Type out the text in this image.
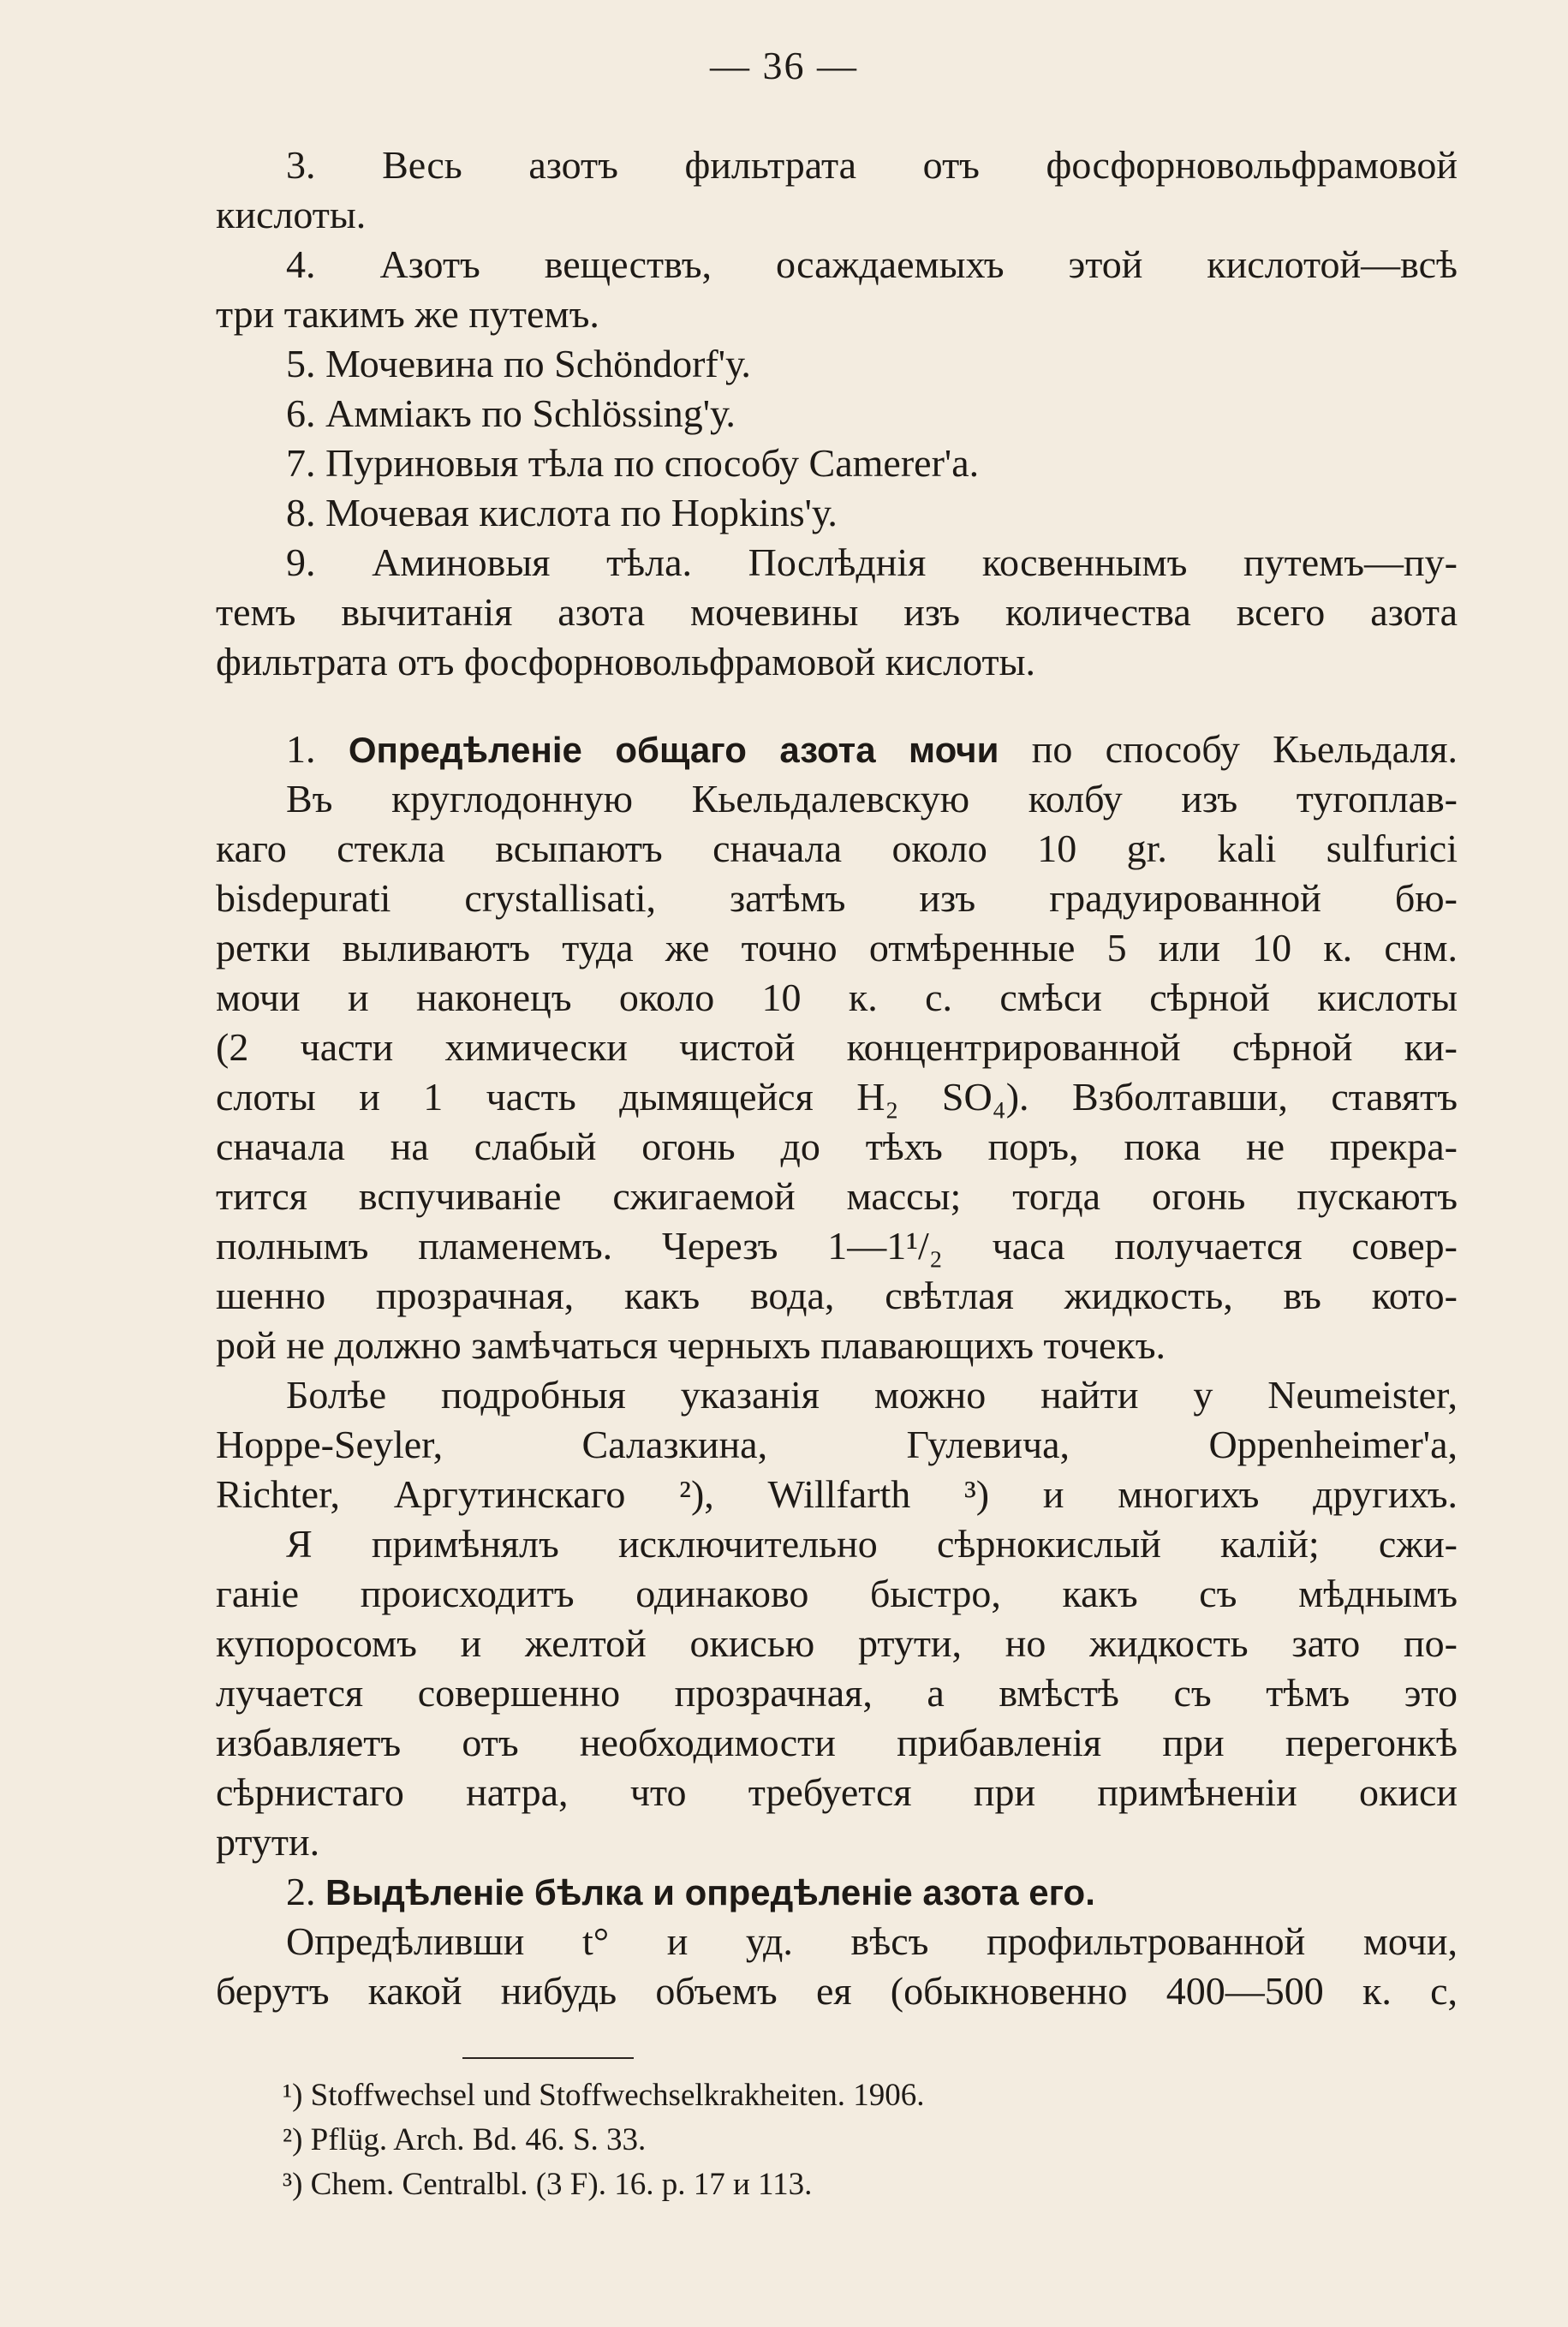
— 36 —
3. Весь азотъ фильтрата отъ фосфорновольфрамовой
кислоты.
4. Азотъ веществъ, осаждаемыхъ этой кислотой—всѣ
три такимъ же путемъ.
5. Мочевина по Schöndorf'у.
6. Аммiакъ по Schlössing'у.
7. Пуриновыя тѣла по способу Camerer'a.
8. Мочевая кислота по Hopkins'у.
9. Аминовыя тѣла. Послѣднiя косвеннымъ путемъ—пу-
темъ вычитанiя азота мочевины изъ количества всего азота
фильтрата отъ фосфорновольфрамовой кислоты.
1. Опредѣленiе общаго азота мочи по способу Кьельдаля.
Въ круглодонную Кьельдалевскую колбу изъ тугоплав-
каго стекла всыпаютъ сначала около 10 gr. kali sulfurici
bisdepurati crystallisati, затѣмъ изъ градуированной бю-
ретки выливаютъ туда же точно отмѣренные 5 или 10 к. снм.
мочи и наконецъ около 10 к. с. смѣси сѣрной кислоты
(2 части химически чистой концентрированной сѣрной ки-
слоты и 1 часть дымящейся H₂ SO₄). Взболтавши, ставятъ
сначала на слабый огонь до тѣхъ поръ, пока не прекра-
тится вспучиванiе сжигаемой массы; тогда огонь пускаютъ
полнымъ пламенемъ. Черезъ 1—1¹/₂ часа получается совер-
шенно прозрачная, какъ вода, свѣтлая жидкость, въ кото-
рой не должно замѣчаться черныхъ плавающихъ точекъ.
Болѣе подробныя указанiя можно найти у Neumeister,
Hoppe-Seyler, Салазкина, Гулевича, Oppenheimer'a,
Richter, Аргутинскаго ²), Willfarth ³) и многихъ другихъ.
Я примѣнялъ исключительно сѣрнокислый калiй; сжи-
ганiе происходитъ одинаково быстро, какъ съ мѣднымъ
купоросомъ и желтой окисью ртути, но жидкость зато по-
лучается совершенно прозрачная, а вмѣстѣ съ тѣмъ это
избавляетъ отъ необходимости прибавленiя при перегонкѣ
сѣрнистаго натра, что требуется при примѣненiи окиси
ртути.
2. Выдѣленiе бѣлка и опредѣленiе азота его.
Опредѣливши t° и уд. вѣсъ профильтрованной мочи,
берутъ какой нибудь объемъ ея (обыкновенно 400—500 к. с,
¹) Stoffwechsel und Stoffwechselkrakheiten. 1906.
²) Pflüg. Arch. Bd. 46. S. 33.
³) Chem. Centralbl. (3 F). 16. p. 17 и 113.
